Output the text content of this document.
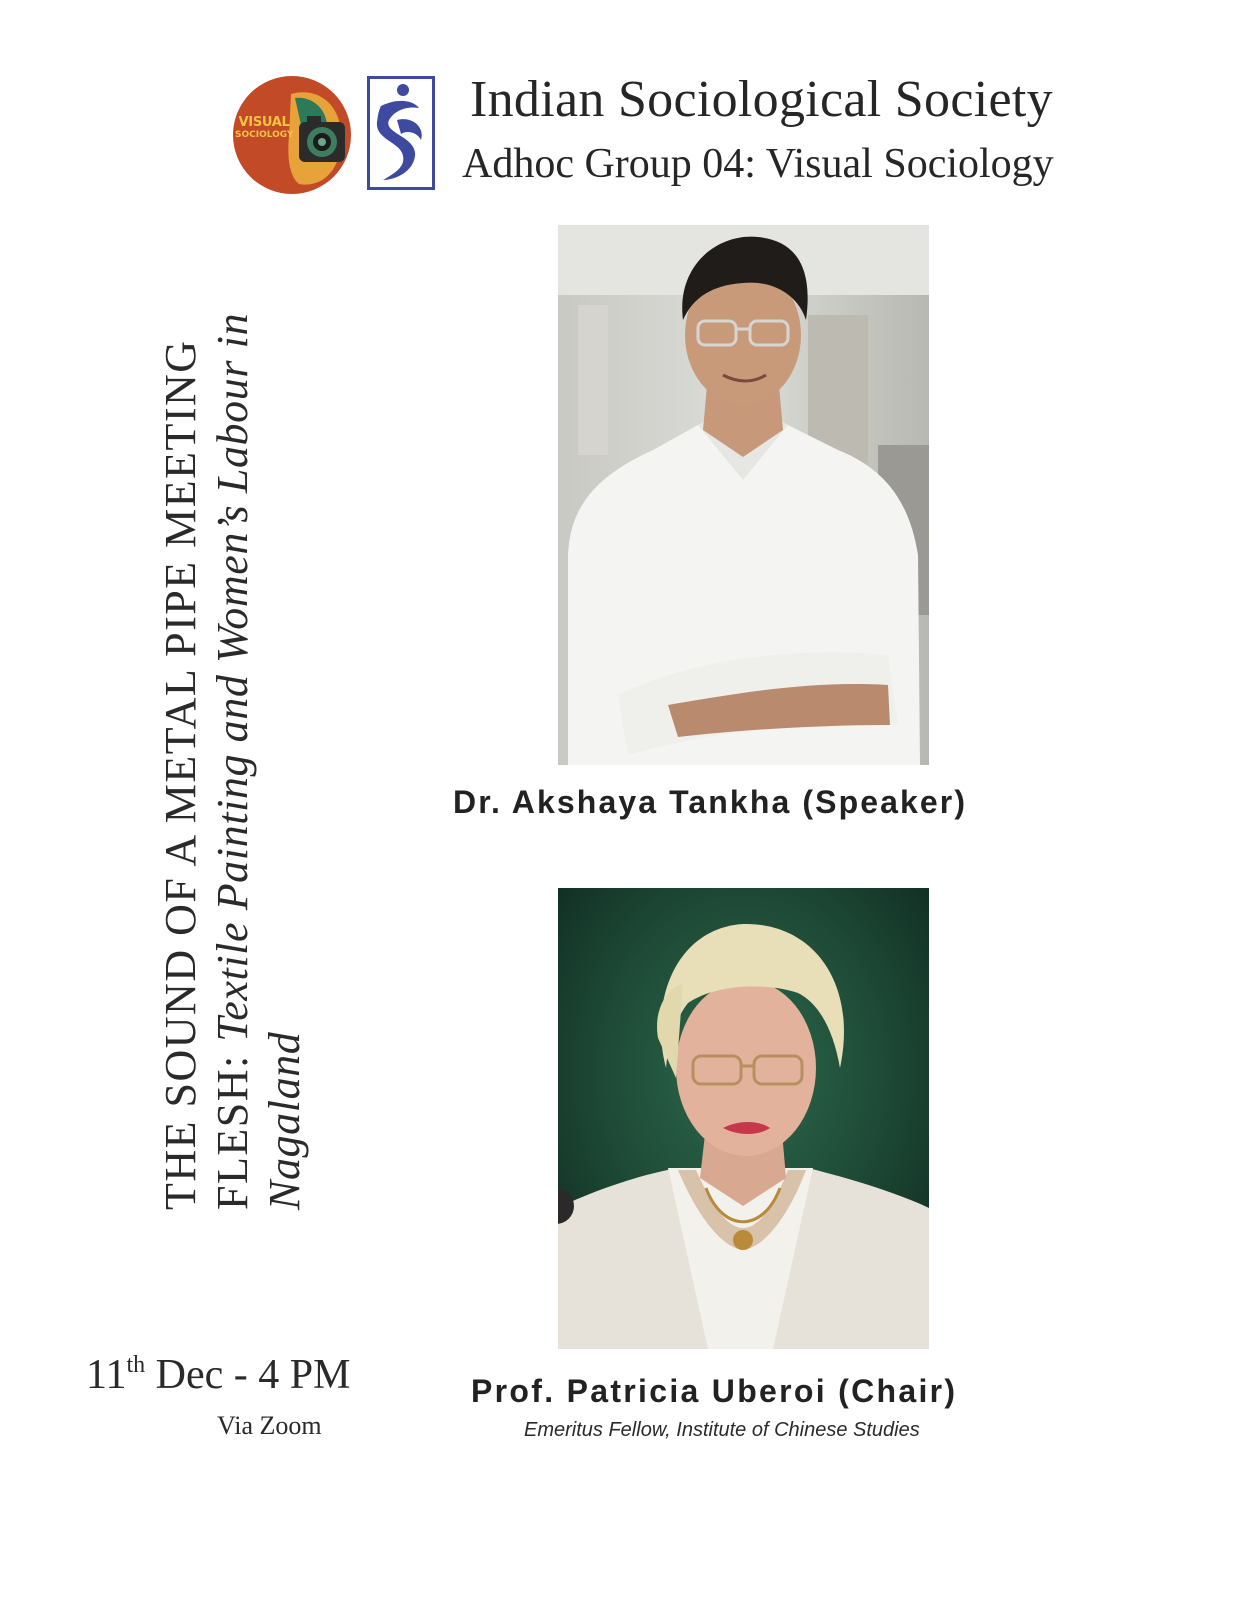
VISUAL
SOCIOLOGY
Indian Sociological Society
Adhoc Group 04: Visual Sociology
THE SOUND OF A METAL PIPE MEETING FLESH: Textile Painting and Women’s Labour in
Nagaland
Dr. Akshaya Tankha (Speaker)
Prof. Patricia Uberoi (Chair)
Emeritus Fellow, Institute of Chinese Studies
11th Dec - 4 PM
Via Zoom
